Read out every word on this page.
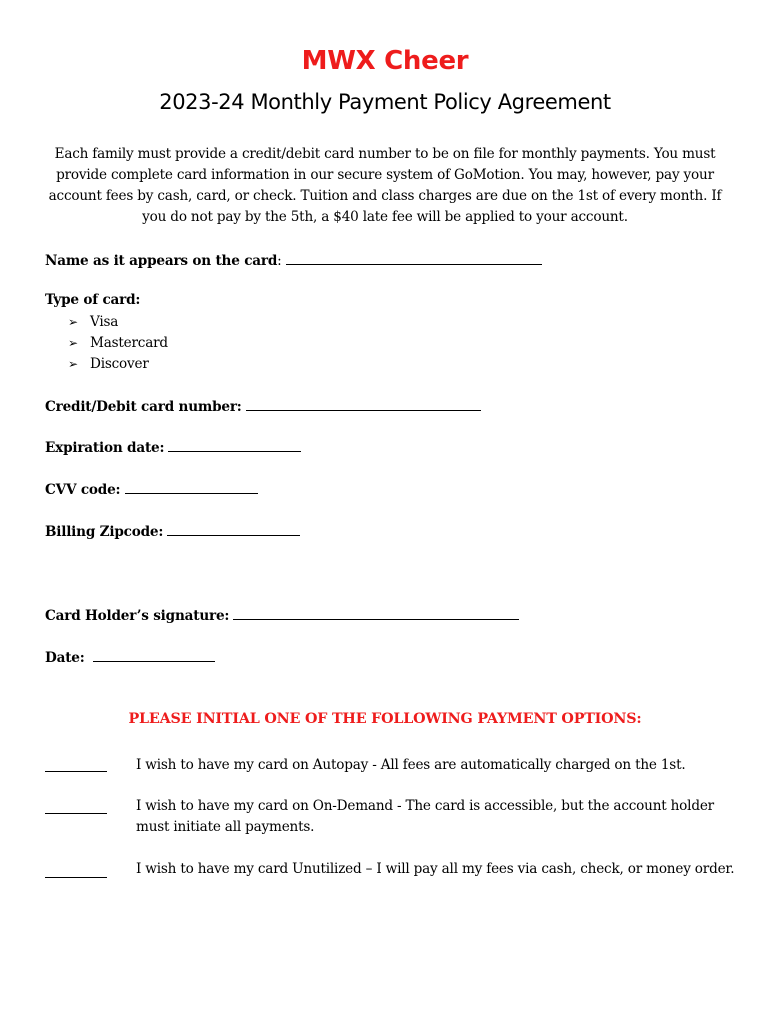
MWX Cheer
2023-24 Monthly Payment Policy Agreement
Each family must provide a credit/debit card number to be on file for monthly payments. You must provide complete card information in our secure system of GoMotion. You may, however, pay your account fees by cash, card, or check. Tuition and class charges are due on the 1st of every month. If you do not pay by the 5th, a $40 late fee will be applied to your account.
Name as it appears on the card:
Type of card:
➢ Visa
➢ Mastercard
➢ Discover
Credit/Debit card number:
Expiration date:
CVV code:
Billing Zipcode:
Card Holder’s signature:
Date:
PLEASE INITIAL ONE OF THE FOLLOWING PAYMENT OPTIONS:
I wish to have my card on Autopay - All fees are automatically charged on the 1st.
I wish to have my card on On-Demand - The card is accessible, but the account holder must initiate all payments.
I wish to have my card Unutilized – I will pay all my fees via cash, check, or money order.
